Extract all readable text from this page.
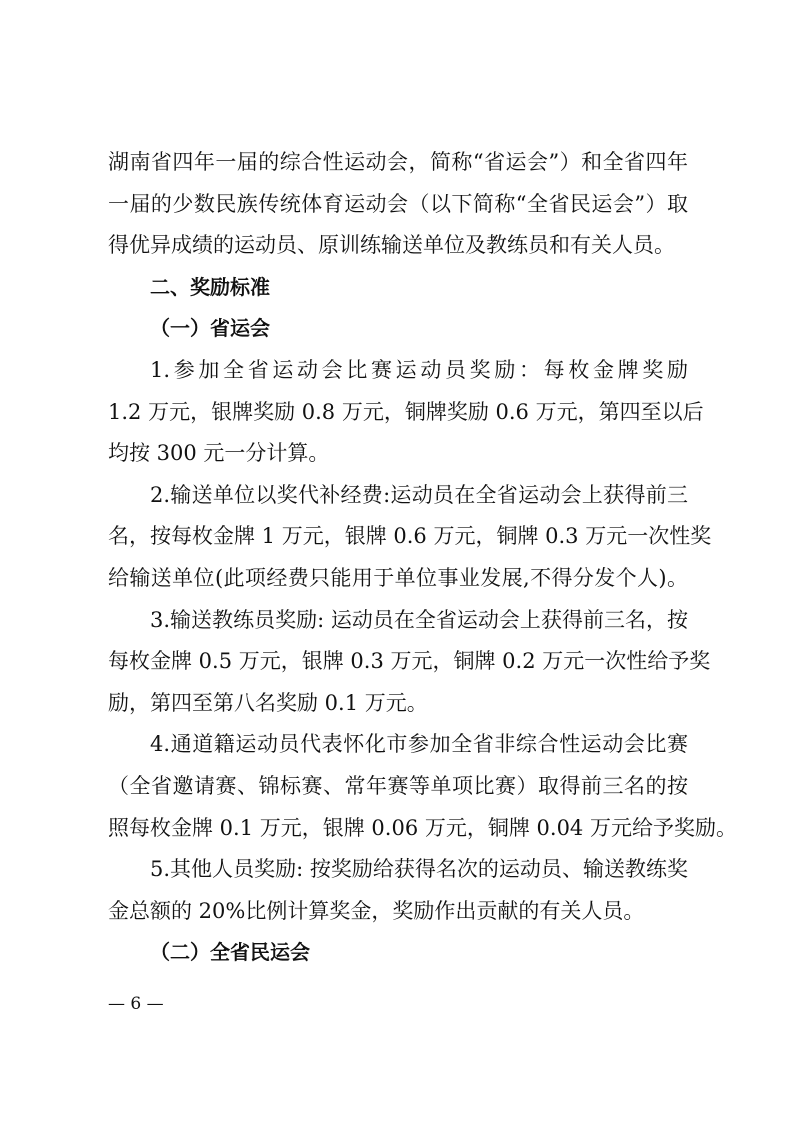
湖南省四年一届的综合性运动会，简称“省运会”）和全省四年
一届的少数民族传统体育运动会（以下简称“全省民运会”）取
得优异成绩的运动员、原训练输送单位及教练员和有关人员。
二、奖励标准
（一）省运会
1.参加全省运动会比赛运动员奖励：每枚金牌奖励
1.2 万元，银牌奖励 0.8 万元，铜牌奖励 0.6 万元，第四至以后
均按 300 元一分计算。
2.输送单位以奖代补经费:运动员在全省运动会上获得前三
名，按每枚金牌 1 万元，银牌 0.6 万元，铜牌 0.3 万元一次性奖
给输送单位(此项经费只能用于单位事业发展,不得分发个人)。
3.输送教练员奖励: 运动员在全省运动会上获得前三名，按
每枚金牌 0.5 万元，银牌 0.3 万元，铜牌 0.2 万元一次性给予奖
励，第四至第八名奖励 0.1 万元。
4.通道籍运动员代表怀化市参加全省非综合性运动会比赛
（全省邀请赛、锦标赛、常年赛等单项比赛）取得前三名的按
照每枚金牌 0.1 万元，银牌 0.06 万元，铜牌 0.04 万元给予奖励。
5.其他人员奖励: 按奖励给获得名次的运动员、输送教练奖
金总额的 20%比例计算奖金，奖励作出贡献的有关人员。
（二）全省民运会
— 6 —
